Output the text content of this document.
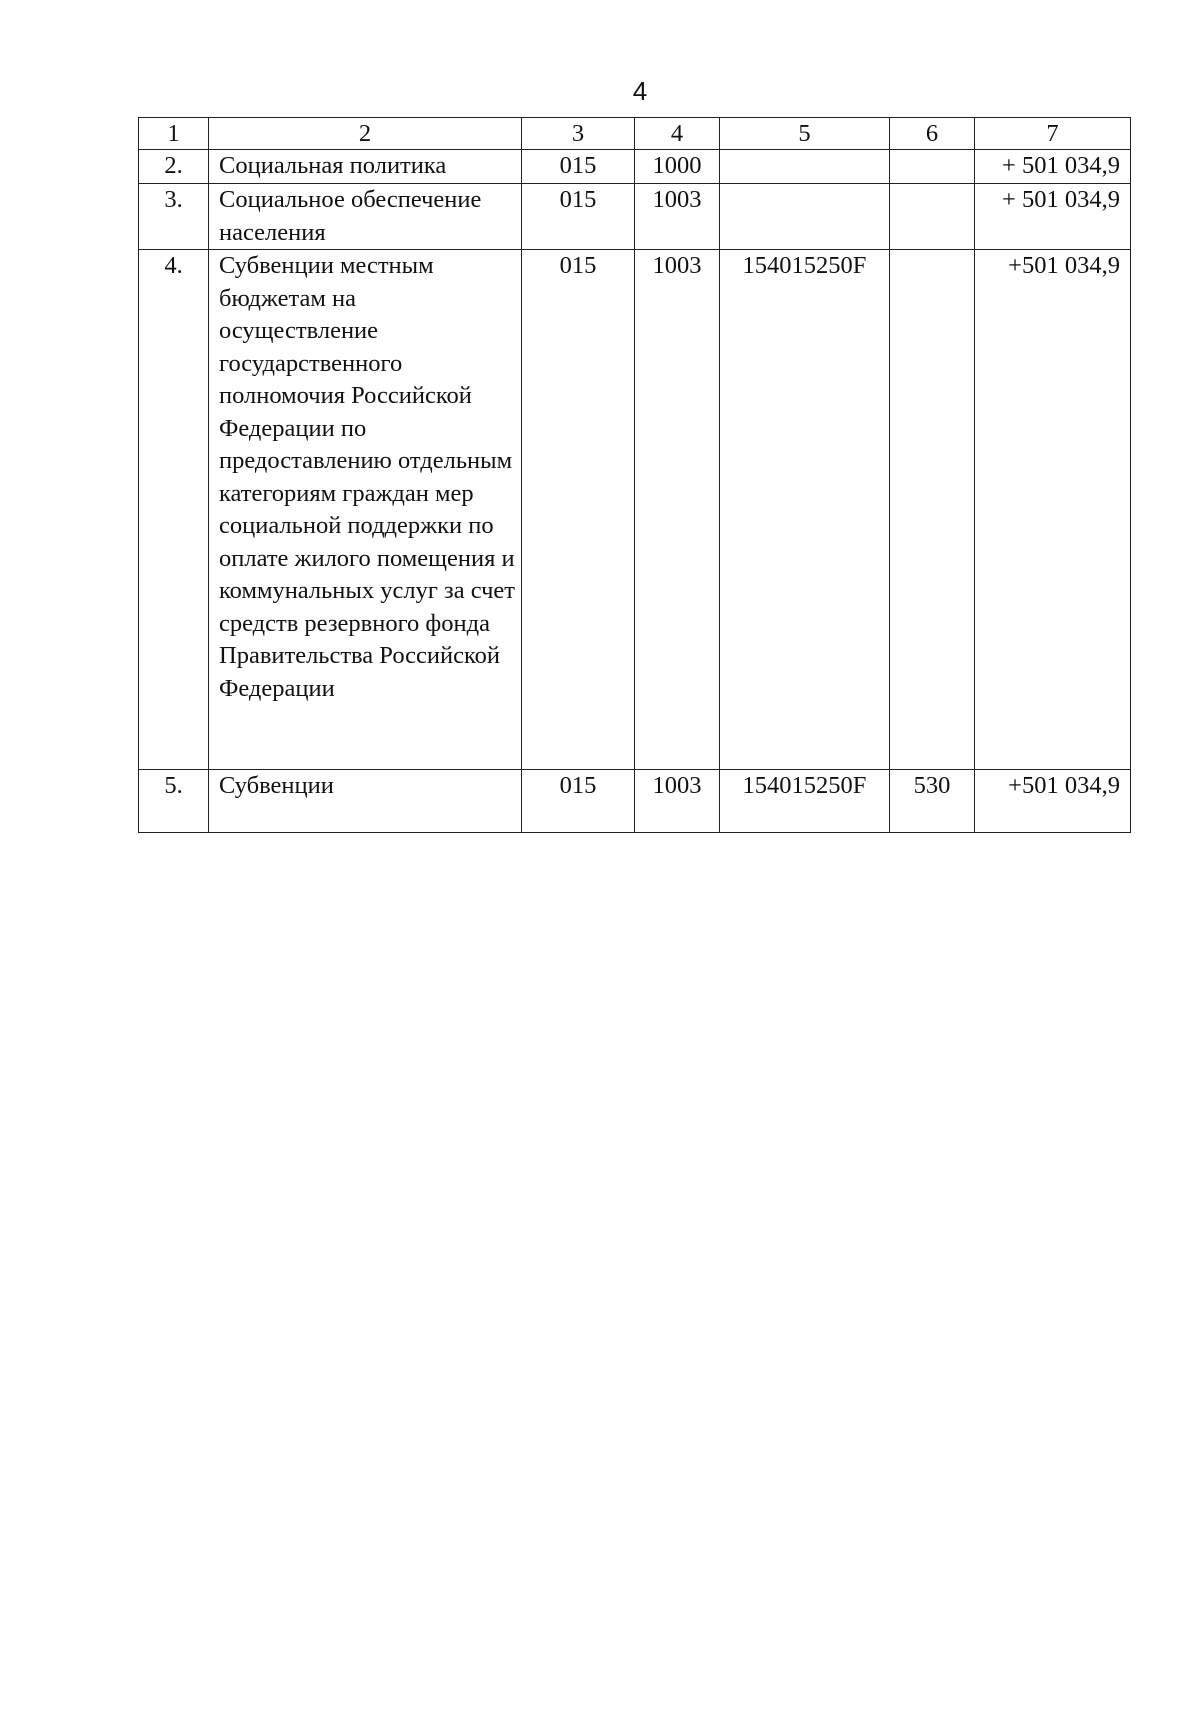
4
1	2	3	4	5	6	7
2.	Социальная политика	015	1000			+ 501 034,9
3.	Социальное обеспечение населения	015	1003			+ 501 034,9
4.	Субвенции местным бюджетам на осуществление государственного полномочия Российской Федерации по предоставлению отдельным категориям граждан мер социальной поддержки по оплате жилого помещения и коммунальных услуг за счет средств резервного фонда Правительства Российской Федерации	015	1003	154015250F		+501 034,9
5.	Субвенции	015	1003	154015250F	530	+501 034,9
